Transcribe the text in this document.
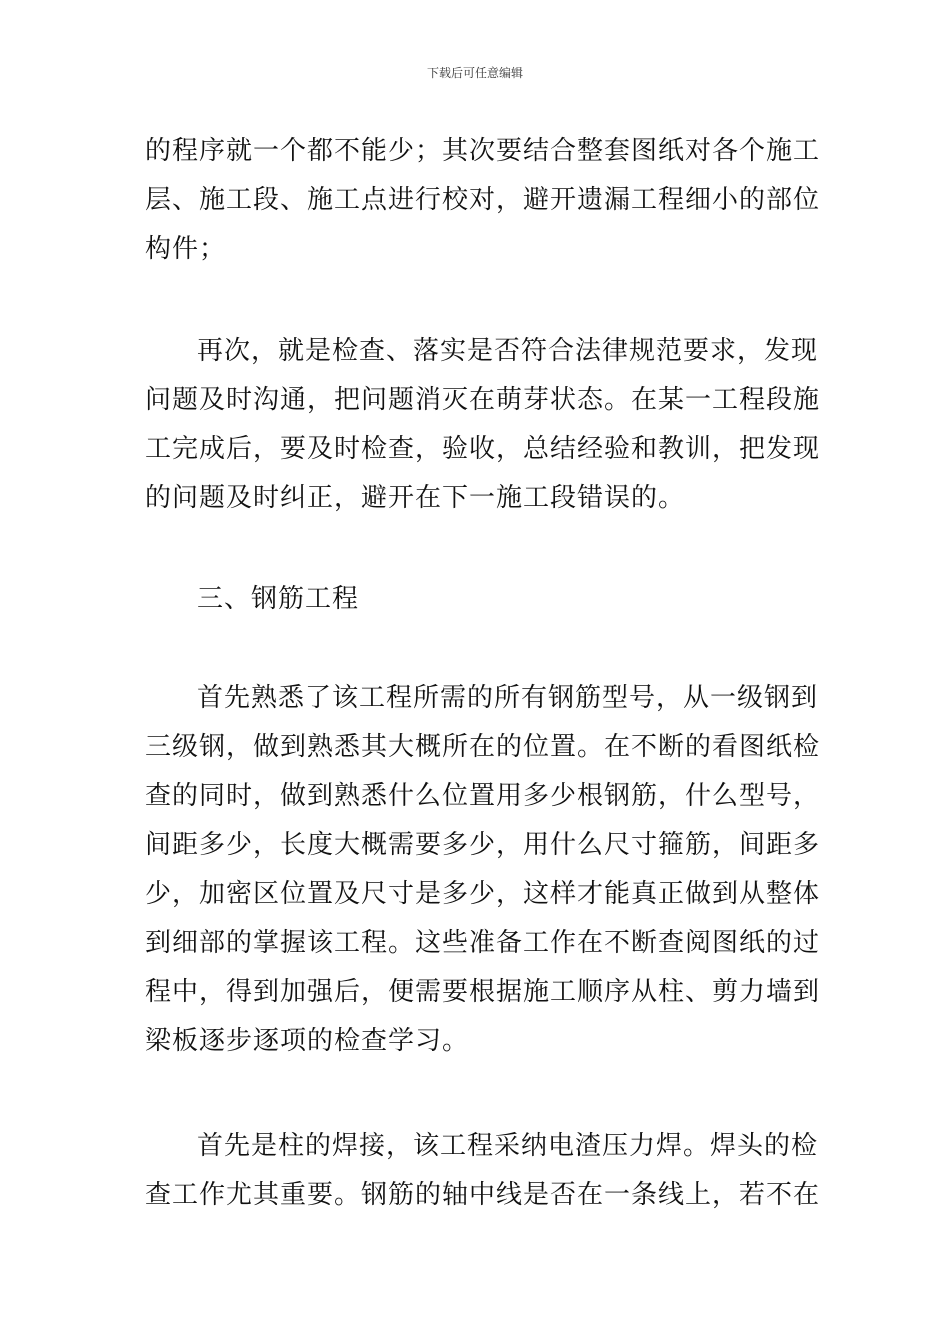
下载后可任意编辑
的程序就一个都不能少；其次要结合整套图纸对各个施工
层、施工段、施工点进行校对，避开遗漏工程细小的部位
构件；
再次，就是检查、落实是否符合法律规范要求，发现
问题及时沟通，把问题消灭在萌芽状态。在某一工程段施
工完成后，要及时检查，验收，总结经验和教训，把发现
的问题及时纠正，避开在下一施工段错误的。
三、钢筋工程
首先熟悉了该工程所需的所有钢筋型号，从一级钢到
三级钢，做到熟悉其大概所在的位置。在不断的看图纸检
查的同时，做到熟悉什么位置用多少根钢筋，什么型号，
间距多少，长度大概需要多少，用什么尺寸箍筋，间距多
少，加密区位置及尺寸是多少，这样才能真正做到从整体
到细部的掌握该工程。这些准备工作在不断查阅图纸的过
程中，得到加强后，便需要根据施工顺序从柱、剪力墙到
梁板逐步逐项的检查学习。
首先是柱的焊接，该工程采纳电渣压力焊。焊头的检
查工作尤其重要。钢筋的轴中线是否在一条线上，若不在
